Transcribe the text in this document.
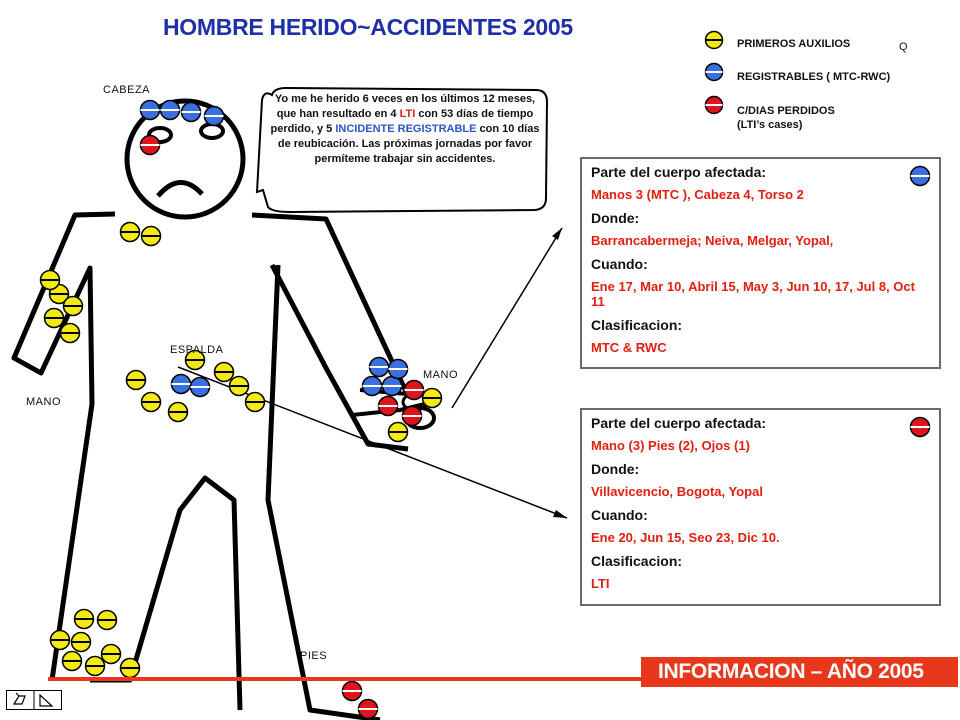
HOMBRE HERIDO~ACCIDENTES 2005
CABEZA
ESPALDA
MANO
MANO
PIES
PRIMEROS AUXILIOS
REGISTRABLES ( MTC-RWC)
C/DIAS PERDIDOS
(LTI’s cases)
Q
Yo me he herido 6 veces en los últimos 12 meses, que han resultado en 4 LTI con 53 días de tiempo perdido, y 5 INCIDENTE REGISTRABLE con 10 días de reubicación. Las próximas jornadas por favor permíteme trabajar sin accidentes.
Parte del cuerpo afectada:
Manos 3 (MTC ), Cabeza 4, Torso 2
Donde:
Barrancabermeja; Neiva, Melgar, Yopal,
Cuando:
Ene 17, Mar 10, Abril 15, May 3, Jun 10, 17, Jul 8, Oct 11
Clasificacion:
MTC & RWC
Parte del cuerpo afectada:
Mano (3) Pies (2), Ojos (1)
Donde:
Villavicencio, Bogota, Yopal
Cuando:
Ene 20, Jun 15, Seo 23, Dic 10.
Clasificacion:
LTI
INFORMACION – AÑO 2005
